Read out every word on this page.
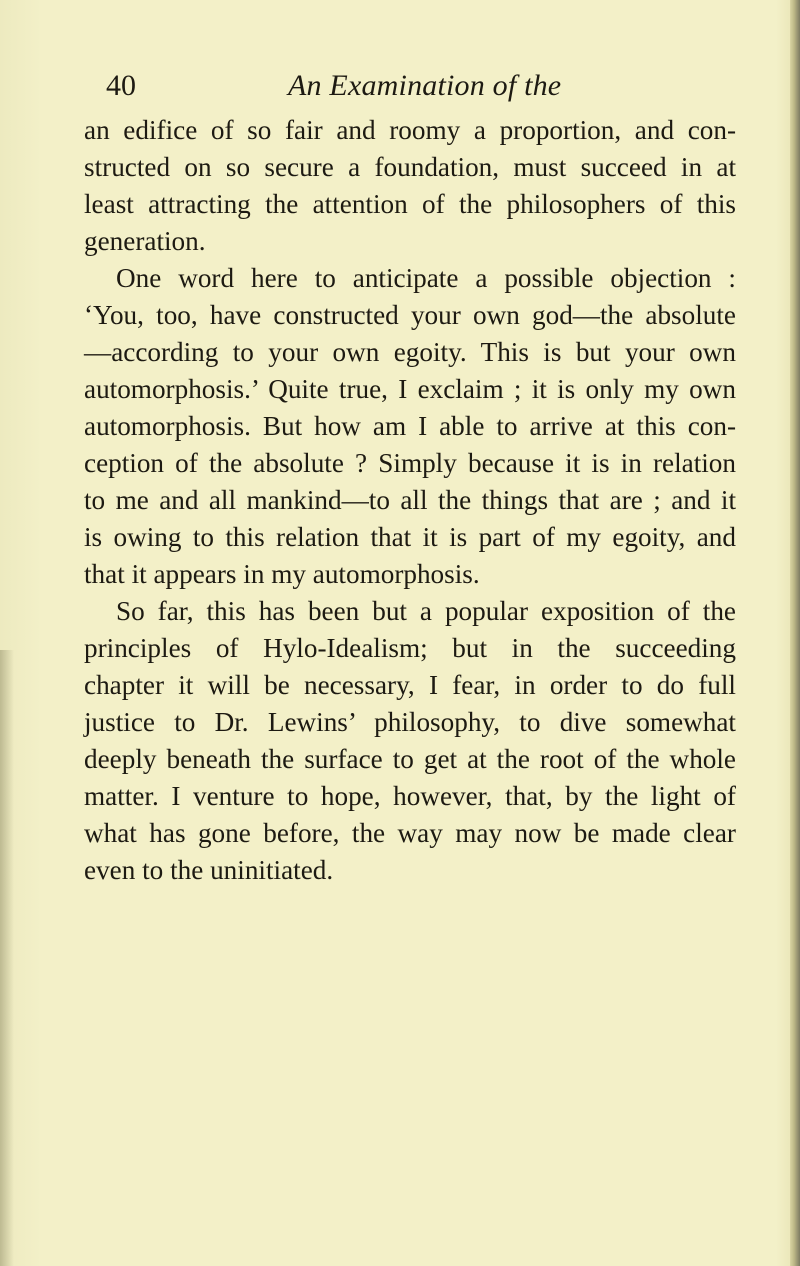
40	An Examination of the
an edifice of so fair and roomy a proportion, and con-
structed on so secure a foundation, must succeed in at
least attracting the attention of the philosophers of this
generation.
One word here to anticipate a possible objection :
‘You, too, have constructed your own god—the absolute
—according to your own egoity. This is but your own
automorphosis.’ Quite true, I exclaim ; it is only my own
automorphosis. But how am I able to arrive at this con-
ception of the absolute ? Simply because it is in relation
to me and all mankind—to all the things that are ; and it
is owing to this relation that it is part of my egoity, and
that it appears in my automorphosis.
So far, this has been but a popular exposition of the
principles of Hylo-Idealism; but in the succeeding
chapter it will be necessary, I fear, in order to do full
justice to Dr. Lewins’ philosophy, to dive somewhat
deeply beneath the surface to get at the root of the whole
matter. I venture to hope, however, that, by the light of
what has gone before, the way may now be made clear
even to the uninitiated.
